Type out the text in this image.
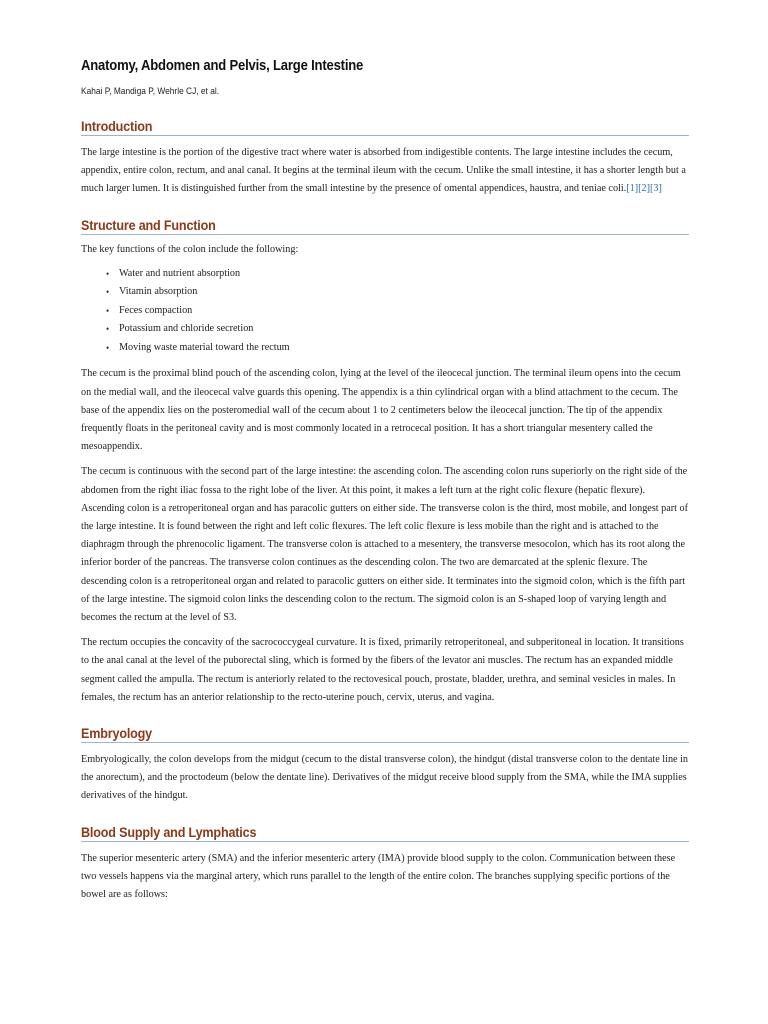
Anatomy, Abdomen and Pelvis, Large Intestine

Kahai P, Mandiga P, Wehrle CJ, et al.

Introduction

The large intestine is the portion of the digestive tract where water is absorbed from indigestible contents. The large intestine includes the cecum, appendix, entire colon, rectum, and anal canal. It begins at the terminal ileum with the cecum. Unlike the small intestine, it has a shorter length but a much larger lumen. It is distinguished further from the small intestine by the presence of omental appendices, haustra, and teniae coli.[1][2][3]

Structure and Function

The key functions of the colon include the following:

• Water and nutrient absorption
• Vitamin absorption
• Feces compaction
• Potassium and chloride secretion
• Moving waste material toward the rectum

The cecum is the proximal blind pouch of the ascending colon, lying at the level of the ileocecal junction. The terminal ileum opens into the cecum on the medial wall, and the ileocecal valve guards this opening. The appendix is a thin cylindrical organ with a blind attachment to the cecum. The base of the appendix lies on the posteromedial wall of the cecum about 1 to 2 centimeters below the ileocecal junction. The tip of the appendix frequently floats in the peritoneal cavity and is most commonly located in a retrocecal position. It has a short triangular mesentery called the mesoappendix.

The cecum is continuous with the second part of the large intestine: the ascending colon. The ascending colon runs superiorly on the right side of the abdomen from the right iliac fossa to the right lobe of the liver. At this point, it makes a left turn at the right colic flexure (hepatic flexure). Ascending colon is a retroperitoneal organ and has paracolic gutters on either side. The transverse colon is the third, most mobile, and longest part of the large intestine. It is found between the right and left colic flexures. The left colic flexure is less mobile than the right and is attached to the diaphragm through the phrenocolic ligament. The transverse colon is attached to a mesentery, the transverse mesocolon, which has its root along the inferior border of the pancreas. The transverse colon continues as the descending colon. The two are demarcated at the splenic flexure. The descending colon is a retroperitoneal organ and related to paracolic gutters on either side. It terminates into the sigmoid colon, which is the fifth part of the large intestine. The sigmoid colon links the descending colon to the rectum. The sigmoid colon is an S-shaped loop of varying length and becomes the rectum at the level of S3.

The rectum occupies the concavity of the sacrococcygeal curvature. It is fixed, primarily retroperitoneal, and subperitoneal in location. It transitions to the anal canal at the level of the puborectal sling, which is formed by the fibers of the levator ani muscles. The rectum has an expanded middle segment called the ampulla. The rectum is anteriorly related to the rectovesical pouch, prostate, bladder, urethra, and seminal vesicles in males. In females, the rectum has an anterior relationship to the recto-uterine pouch, cervix, uterus, and vagina.

Embryology

Embryologically, the colon develops from the midgut (cecum to the distal transverse colon), the hindgut (distal transverse colon to the dentate line in the anorectum), and the proctodeum (below the dentate line). Derivatives of the midgut receive blood supply from the SMA, while the IMA supplies derivatives of the hindgut.

Blood Supply and Lymphatics

The superior mesenteric artery (SMA) and the inferior mesenteric artery (IMA) provide blood supply to the colon. Communication between these two vessels happens via the marginal artery, which runs parallel to the length of the entire colon. The branches supplying specific portions of the bowel are as follows:
